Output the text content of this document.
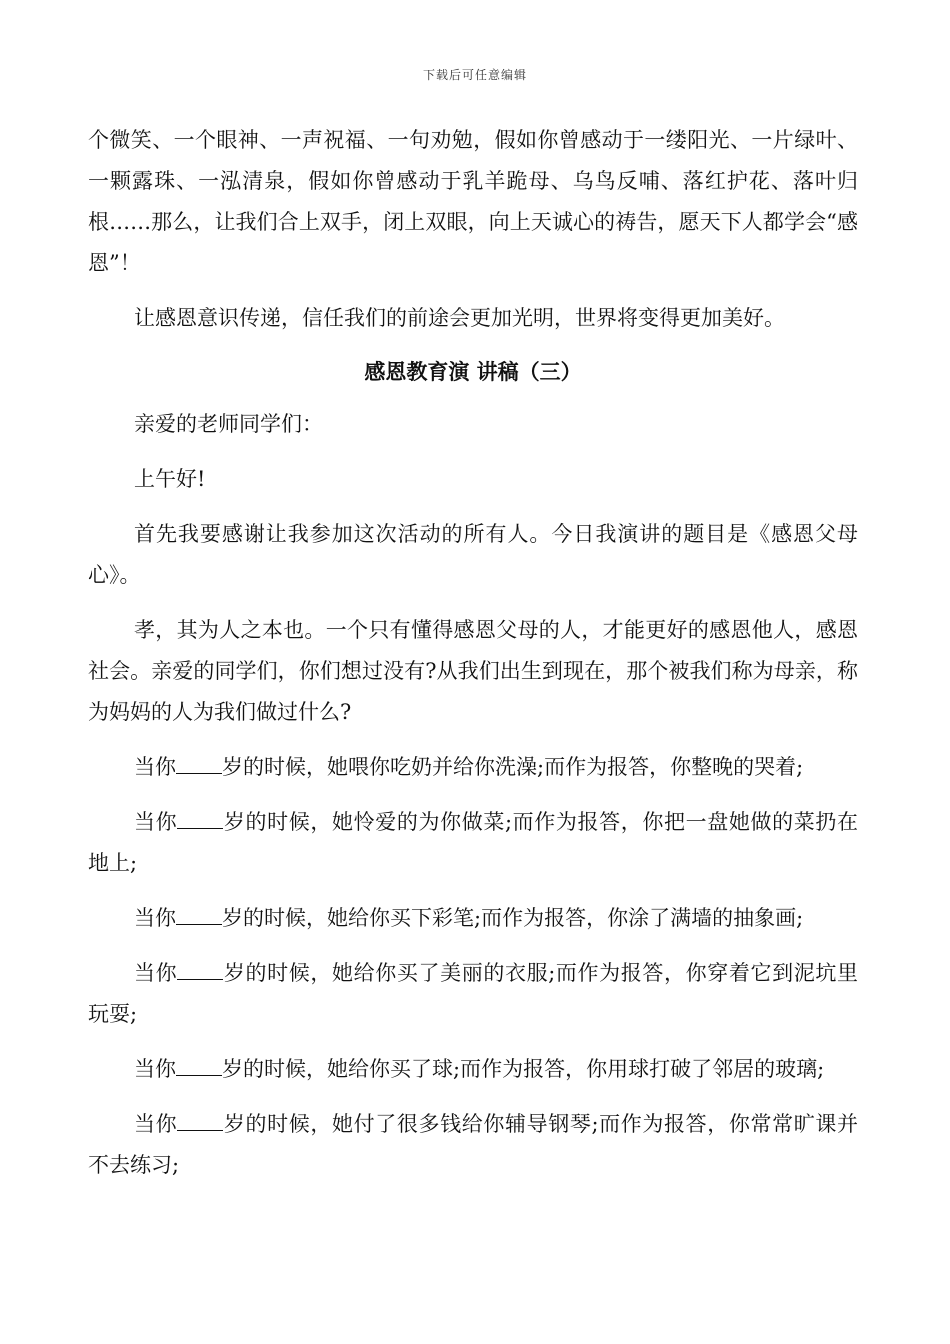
下载后可任意编辑

个微笑、一个眼神、一声祝福、一句劝勉，假如你曾感动于一缕阳光、一片绿叶、一颗露珠、一泓清泉，假如你曾感动于乳羊跪母、乌鸟反哺、落红护花、落叶归根……那么，让我们合上双手，闭上双眼，向上天诚心的祷告，愿天下人都学会“感恩”！

让感恩意识传递，信任我们的前途会更加光明，世界将变得更加美好。

感恩教育演 讲稿（三）

亲爱的老师同学们：

上午好!

首先我要感谢让我参加这次活动的所有人。今日我演讲的题目是《感恩父母心》。

孝，其为人之本也。一个只有懂得感恩父母的人，才能更好的感恩他人，感恩社会。亲爱的同学们，你们想过没有?从我们出生到现在，那个被我们称为母亲，称为妈妈的人为我们做过什么?

当你 岁的时候，她喂你吃奶并给你洗澡;而作为报答，你整晚的哭着;

当你 岁的时候，她怜爱的为你做菜;而作为报答，你把一盘她做的菜扔在地上;

当你 岁的时候，她给你买下彩笔;而作为报答，你涂了满墙的抽象画;

当你 岁的时候，她给你买了美丽的衣服;而作为报答，你穿着它到泥坑里玩耍;

当你 岁的时候，她给你买了球;而作为报答，你用球打破了邻居的玻璃;

当你 岁的时候，她付了很多钱给你辅导钢琴;而作为报答，你常常旷课并不去练习;
